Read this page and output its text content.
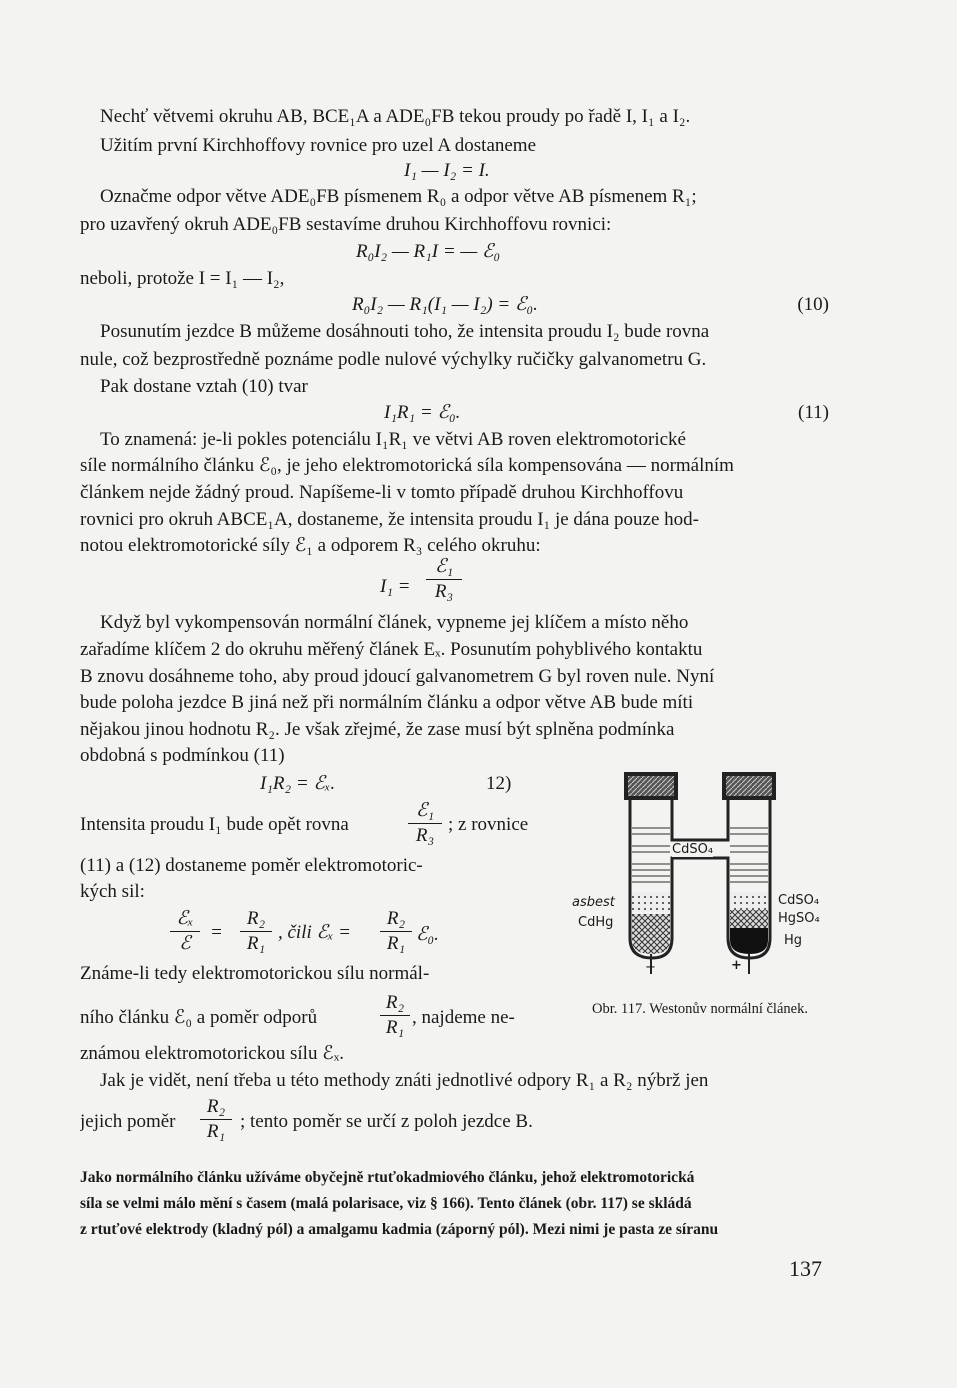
Nechť větvemi okruhu AB, BCE₁A a ADE₀FB tekou proudy po řadě I, I₁ a I₂.
Užitím první Kirchhoffovy rovnice pro uzel A dostaneme
Označme odpor větve ADE₀FB písmenem R₀ a odpor větve AB písmenem R₁;
pro uzavřený okruh ADE₀FB sestavíme druhou Kirchhoffovu rovnici:
neboli, protože I = I₁ — I₂,
Posunutím jezdce B můžeme dosáhnouti toho, že intensita proudu I₂ bude rovna
nule, což bezprostředně poznáme podle nulové výchylky ručičky galvanometru G.
Pak dostane vztah (10) tvar
To znamená: je-li pokles potenciálu I₁R₁ ve větvi AB roven elektromotorické
síle normálního článku ℰ₀, je jeho elektromotorická síla kompensována — normálním
článkem nejde žádný proud. Napíšeme-li v tomto případě druhou Kirchhoffovu
rovnici pro okruh ABCE₁A, dostaneme, že intensita proudu I₁ je dána pouze hod-
notou elektromotorické síly ℰ₁ a odporem R₃ celého okruhu:
Když byl vykompensován normální článek, vypneme jej klíčem a místo něho
zařadíme klíčem 2 do okruhu měřený článek Eₓ. Posunutím pohyblivého kontaktu
B znovu dosáhneme toho, aby proud jdoucí galvanometrem G byl roven nule. Nyní
bude poloha jezdce B jiná než při normálním článku a odpor větve AB bude míti
nějakou jinou hodnotu R₂. Je však zřejmé, že zase musí být splněna podmínka
obdobná s podmínkou (11)
Jak je vidět, není třeba u této methody znáti jednotlivé odpory R₁ a R₂ nýbrž jen
Intensita proudu I₁ bude opět rovna
(11) a (12) dostaneme poměr elektromotoric-
kých sil:
Známe-li tedy elektromotorickou sílu normál-
ního článku ℰ₀ a poměr odporů
známou elektromotorickou sílu ℰₓ.
jejich poměr
I₁ — I₂ = I.
R₀I₂ — R₁I = — ℰ₀
R₀I₂ — R₁(I₁ — I₂) = ℰ₀.	(10)
I₁R₁ = ℰ₀.	(11)
I₁ =
ℰ₁
R₃
I₁R₂ = ℰₓ.	12)
ℰ₁
R₃
; z rovnice
ℰₓ
ℰ
=
R₂
R₁
, čili ℰₓ =
R₂
R₁ ℰ₀.
R₂
R₁ , najdeme ne-
R₂
R₁ ; tento poměr se určí z poloh jezdce B.
CdSO₄
asbest
CdHg
CdSO₄
HgSO₄
Hg
−	+
Obr. 117. Westonův normální článek.
Jako normálního článku užíváme obyčejně rtuťokadmiového článku, jehož elektromotorická
síla se velmi málo mění s časem (malá polarisace, viz § 166). Tento článek (obr. 117) se skládá
z rtuťové elektrody (kladný pól) a amalgamu kadmia (záporný pól). Mezi nimi je pasta ze síranu
137
